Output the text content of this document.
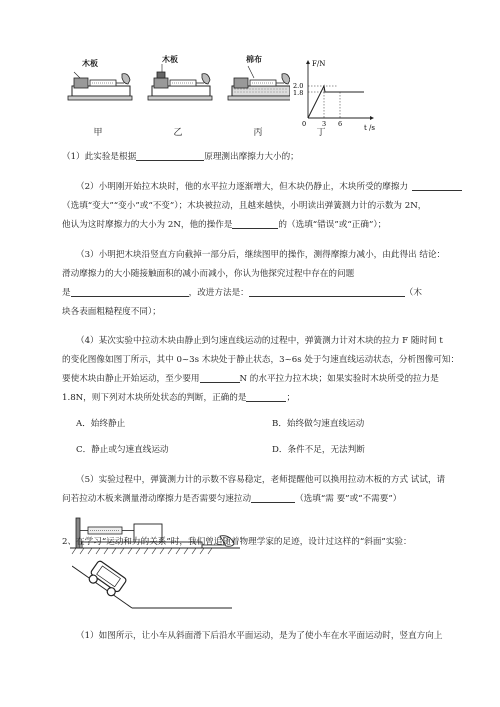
木板	木板	棉布
甲	乙	丙	丁
F/N
t /s
2.0
1.8
0 3 6
（1）此实验是根据	原理测出摩擦力大小的；
（2）小明刚开始拉木块时，他的水平拉力逐渐增大，但木块仍静止，木块所受的摩擦力
（选填“变大”“变小”或“不变”）；木块被拉动，且越来越快，小明读出弹簧测力计的示数为 2N，
他认为这时摩擦力的大小为 2N，他的操作是	的（选填“错误”或“正确”）；
（3）小明把木块沿竖直方向截掉一部分后，继续图甲的操作，测得摩擦力减小，由此得出 结论：
滑动摩擦力的大小随接触面积的减小而减小，你认为他探究过程中存在的问题
是	，改进方法是：	（木
块各表面粗糙程度不同）；
（4）某次实验中拉动木块由静止到匀速直线运动的过程中，弹簧测力计对木块的拉力 F 随时间 t
的变化图像如图丁所示，其中 0~3s 木块处于静止状态，3~6s 处于匀速直线运动状态，分析图像可知：
要使木块由静止开始运动，至少要用	N 的水平拉力拉木块；如果实验时木块所受的拉力是
1.8N，则下列对木块所处状态的判断，正确的是	；
A．始终静止	B．始终做匀速直线运动
C．静止或匀速直线运动	D．条件不足，无法判断
（5）实验过程中，弹簧测力计的示数不容易稳定，老师提醒他可以换用拉动木板的方式 试试，请
问若拉动木板来测量滑动摩擦力是否需要匀速拉动	（选填“需 要”或“不需要”）
2、在学习“运动和力的关系”时，我们曾追随着物理学家的足迹，设计过这样的“斜面”实验：
（1）如图所示，让小车从斜面滑下后沿水平面运动，是为了使小车在水平面运动时，竖直方向上
